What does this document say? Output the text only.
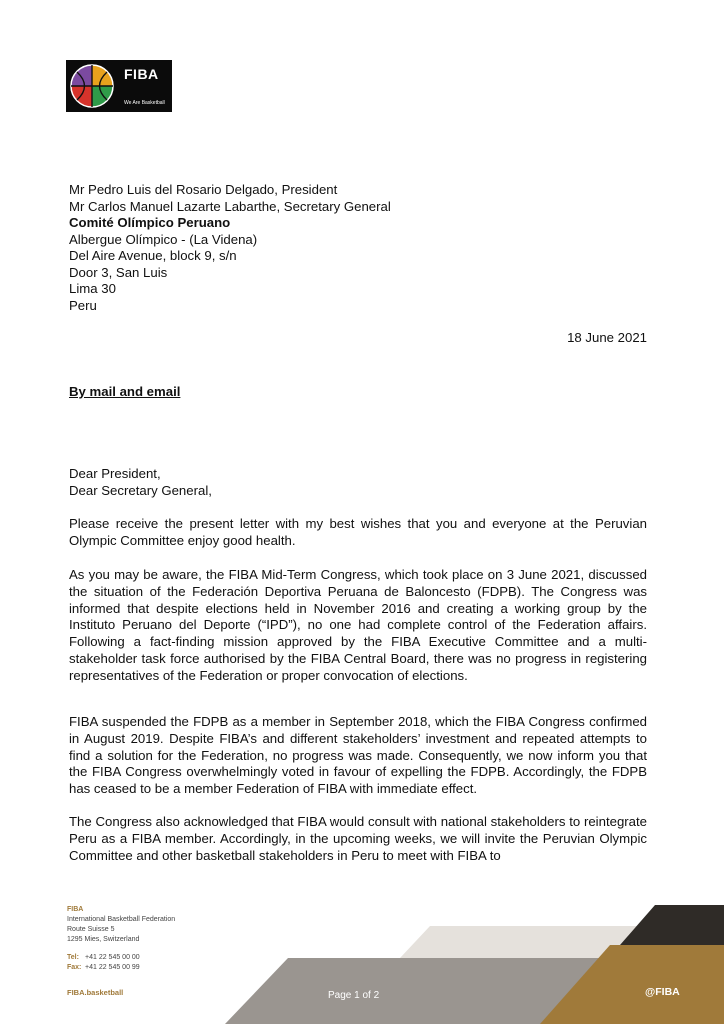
FIBA
We Are Basketball
Mr Pedro Luis del Rosario Delgado, President
Mr Carlos Manuel Lazarte Labarthe, Secretary General
Comité Olímpico Peruano
Albergue Olímpico - (La Videna)
Del Aire Avenue, block 9, s/n
Door 3, San Luis
Lima 30
Peru
18 June 2021
By mail and email
Dear President,
Dear Secretary General,

Please receive the present letter with my best wishes that you and everyone at the Peruvian Olympic Committee enjoy good health.

As you may be aware, the FIBA Mid-Term Congress, which took place on 3 June 2021, discussed the situation of the Federación Deportiva Peruana de Baloncesto (FDPB). The Congress was informed that despite elections held in November 2016 and creating a working group by the Instituto Peruano del Deporte (“IPD”), no one had complete control of the Federation affairs. Following a fact-finding mission approved by the FIBA Executive Committee and a multi-stakeholder task force authorised by the FIBA Central Board, there was no progress in registering representatives of the Federation or proper convocation of elections.

FIBA suspended the FDPB as a member in September 2018, which the FIBA Congress confirmed in August 2019. Despite FIBA’s and different stakeholders’ investment and repeated attempts to find a solution for the Federation, no progress was made. Consequently, we now inform you that the FIBA Congress overwhelmingly voted in favour of expelling the FDPB. Accordingly, the FDPB has ceased to be a member Federation of FIBA with immediate effect.

The Congress also acknowledged that FIBA would consult with national stakeholders to reintegrate Peru as a FIBA member. Accordingly, in the upcoming weeks, we will invite the Peruvian Olympic Committee and other basketball stakeholders in Peru to meet with FIBA to

FIBA
International Basketball Federation
Route Suisse 5
1295 Mies, Switzerland
Tel: +41 22 545 00 00
Fax: +41 22 545 00 99
FIBA.basketball	Page 1 of 2	@FIBA
